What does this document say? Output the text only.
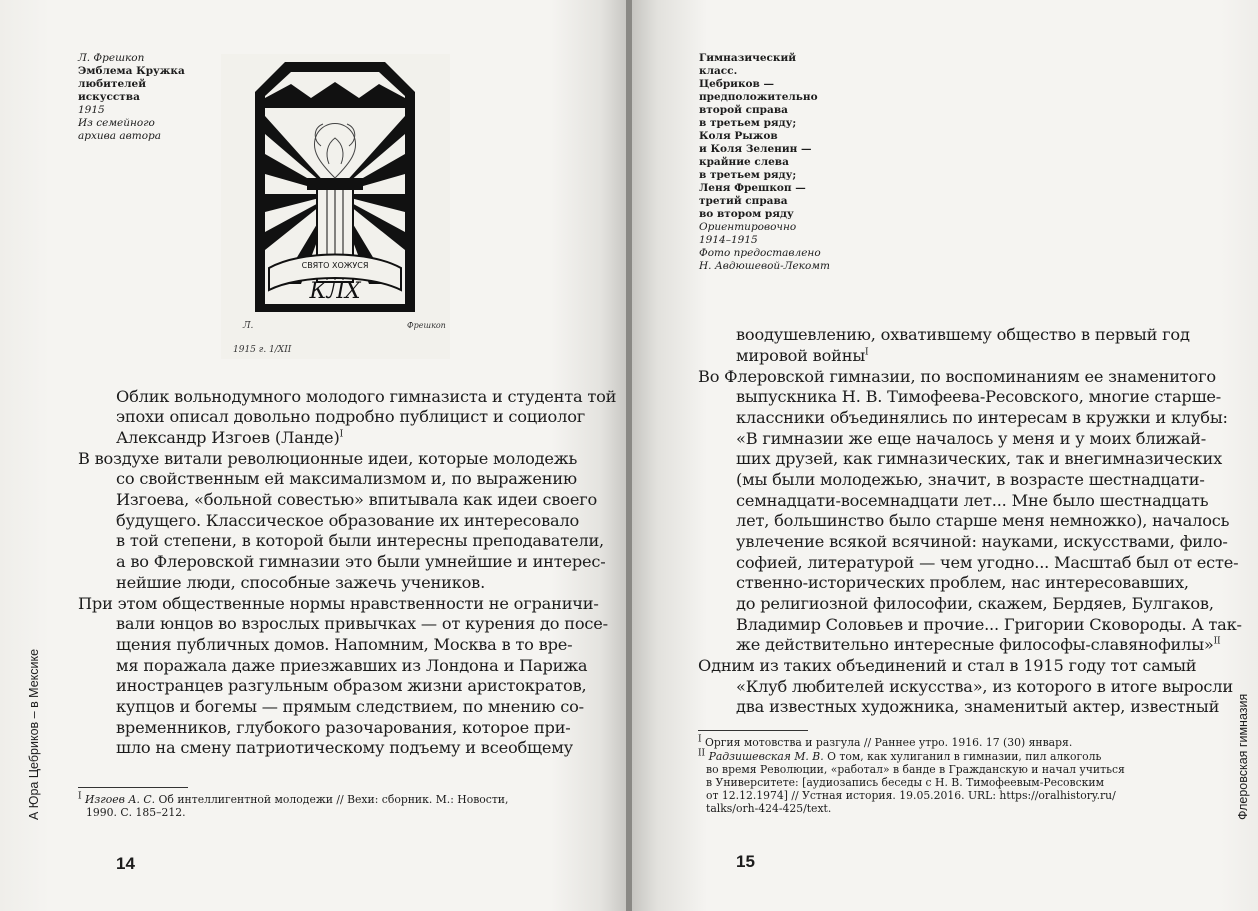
Л. Фрешкоп
Эмблема Кружка
любителей
искусства
1915
Из семейного
архива автора
СВЯТО ХОЖУСЯ
КЛХ
Л.	Фрешкоп
1915 г. 1/XII
Облик вольнодумного молодого гимназиста и студента той
эпохи описал довольно подробно публицист и социолог
Александр Изгоев (Ланде)$^I$
В воздухе витали революционные идеи, которые молодежь
со свойственным ей максимализмом и, по выражению
Изгоева, «больной совестью» впитывала как идеи своего
будущего. Классическое образование их интересовало
в той степени, в которой были интересны преподаватели,
а во Флеровской гимназии это были умнейшие и интерес-
нейшие люди, способные зажечь учеников.
При этом общественные нормы нравственности не ограничи-
вали юнцов во взрослых привычках — от курения до посе-
щения публичных домов. Напомним, Москва в то вре-
мя поражала даже приезжавших из Лондона и Парижа
иностранцев разгульным образом жизни аристократов,
купцов и богемы — прямым следствием, по мнению со-
временников, глубокого разочарования, которое при-
шло на смену патриотическому подъему и всеобщему
$^I$ Изгоев А. С. Об интеллигентной молодежи // Вехи: сборник. М.: Новости,
1990. С. 185–212.
14
А Юра Цебриков – в Мексике
Гимназический
класс.
Цебриков —
предположительно
второй справа
в третьем ряду;
Коля Рыжов
и Коля Зеленин —
крайние слева
в третьем ряду;
Леня Фрешкоп —
третий справа
во втором ряду
Ориентировочно
1914–1915
Фото предоставлено
Н. Авдюшевой-Лекомт
воодушевлению, охватившему общество в первый год
мировой войны$^I$
Во Флеровской гимназии, по воспоминаниям ее знаменитого
выпускника Н. В. Тимофеева-Ресовского, многие старше-
классники объединялись по интересам в кружки и клубы:
«В гимназии же еще началось у меня и у моих ближай-
ших друзей, как гимназических, так и внегимназических
(мы были молодежью, значит, в возрасте шестнадцати-
семнадцати-восемнадцати лет... Мне было шестнадцать
лет, большинство было старше меня немножко), началось
увлечение всякой всячиной: науками, искусствами, фило-
софией, литературой — чем угодно... Масштаб был от есте-
ственно-исторических проблем, нас интересовавших,
до религиозной философии, скажем, Бердяев, Булгаков,
Владимир Соловьев и прочие... Григории Сковороды. А так-
же действительно интересные философы-славянофилы»$^{II}$
Одним из таких объединений и стал в 1915 году тот самый
«Клуб любителей искусства», из которого в итоге выросли
два известных художника, знаменитый актер, известный
$^I$ Оргия мотовства и разгула // Раннее утро. 1916. 17 (30) января.
$^{II}$ Радзишевская М. В. О том, как хулиганил в гимназии, пил алкоголь
во время Революции, «работал» в банде в Гражданскую и начал учиться
в Университете: [аудиозапись беседы с Н. В. Тимофеевым-Ресовским
от 12.12.1974] // Устная история. 19.05.2016. URL: https://oralhistory.ru/
talks/orh-424-425/text.
15
Флеровская гимназия
